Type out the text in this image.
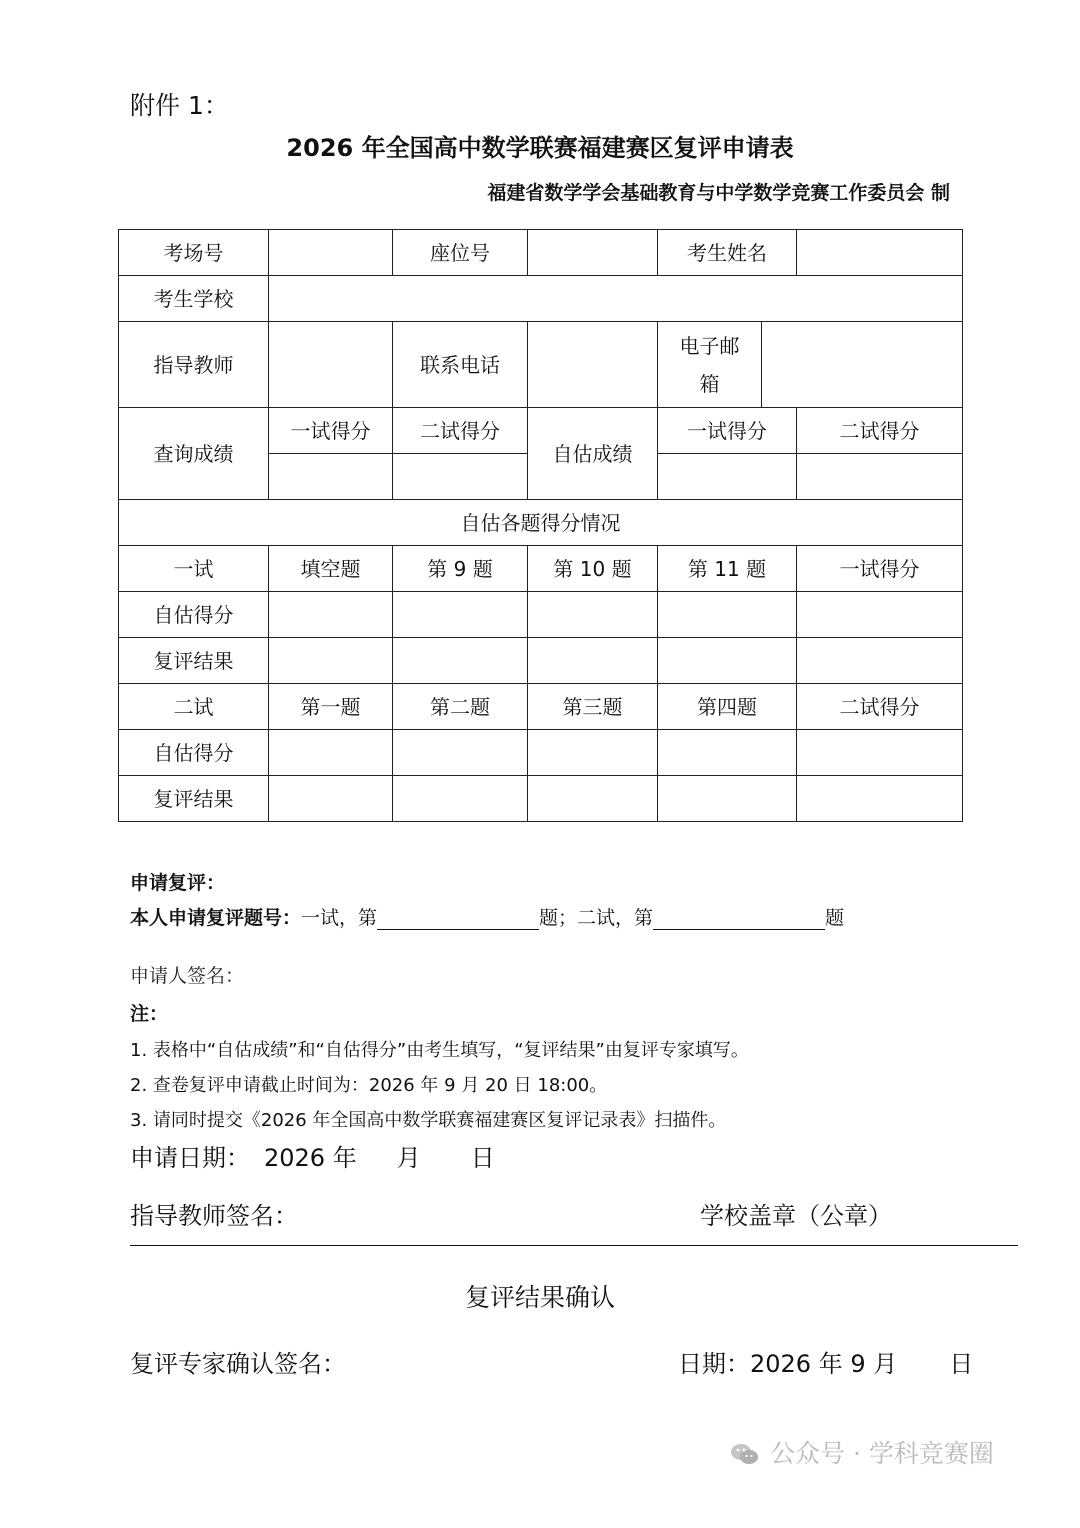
附件 1：
2026 年全国高中数学联赛福建赛区复评申请表
福建省数学学会基础教育与中学数学竞赛工作委员会 制
考场号		座位号		考生姓名		
考生学校						
指导教师		联系电话		电子邮
箱		
查询成绩	一试得分	二试得分	自估成绩	一试得分		二试得分

自估各题得分情况						
一试	填空题	第 9 题	第 10 题	第 11 题		一试得分
自估得分						
复评结果						
二试	第一题	第二题	第三题	第四题		二试得分
自估得分						
复评结果						
申请复评：
本人申请复评题号：一试，第	题；二试，第	题
申请人签名：
注：
1. 表格中“自估成绩”和“自估得分”由考生填写，“复评结果”由复评专家填写。
2. 查卷复评申请截止时间为：2026 年 9 月 20 日 18:00。
3. 请同时提交《2026 年全国高中数学联赛福建赛区复评记录表》扫描件。
申请日期： 2026 年 月 日
指导教师签名：	学校盖章（公章）
复评结果确认
复评专家确认签名：	日期：2026 年 9 月 日
公众号 · 学科竞赛圈
